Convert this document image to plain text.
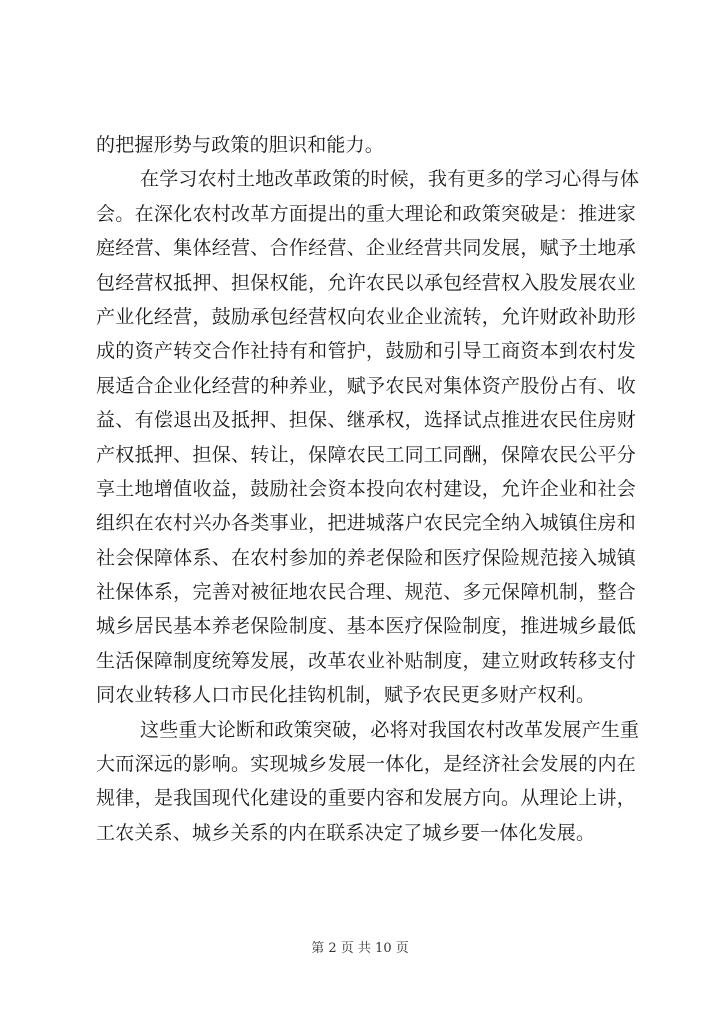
的把握形势与政策的胆识和能力。
在学习农村土地改革政策的时候，我有更多的学习心得与体
会。在深化农村改革方面提出的重大理论和政策突破是：推进家
庭经营、集体经营、合作经营、企业经营共同发展，赋予土地承
包经营权抵押、担保权能，允许农民以承包经营权入股发展农业
产业化经营，鼓励承包经营权向农业企业流转，允许财政补助形
成的资产转交合作社持有和管护，鼓励和引导工商资本到农村发
展适合企业化经营的种养业，赋予农民对集体资产股份占有、收
益、有偿退出及抵押、担保、继承权，选择试点推进农民住房财
产权抵押、担保、转让，保障农民工同工同酬，保障农民公平分
享土地增值收益，鼓励社会资本投向农村建设，允许企业和社会
组织在农村兴办各类事业，把进城落户农民完全纳入城镇住房和
社会保障体系、在农村参加的养老保险和医疗保险规范接入城镇
社保体系，完善对被征地农民合理、规范、多元保障机制，整合
城乡居民基本养老保险制度、基本医疗保险制度，推进城乡最低
生活保障制度统筹发展，改革农业补贴制度，建立财政转移支付
同农业转移人口市民化挂钩机制，赋予农民更多财产权利。
这些重大论断和政策突破，必将对我国农村改革发展产生重
大而深远的影响。实现城乡发展一体化，是经济社会发展的内在
规律，是我国现代化建设的重要内容和发展方向。从理论上讲，
工农关系、城乡关系的内在联系决定了城乡要一体化发展。
第 2 页 共 10 页
